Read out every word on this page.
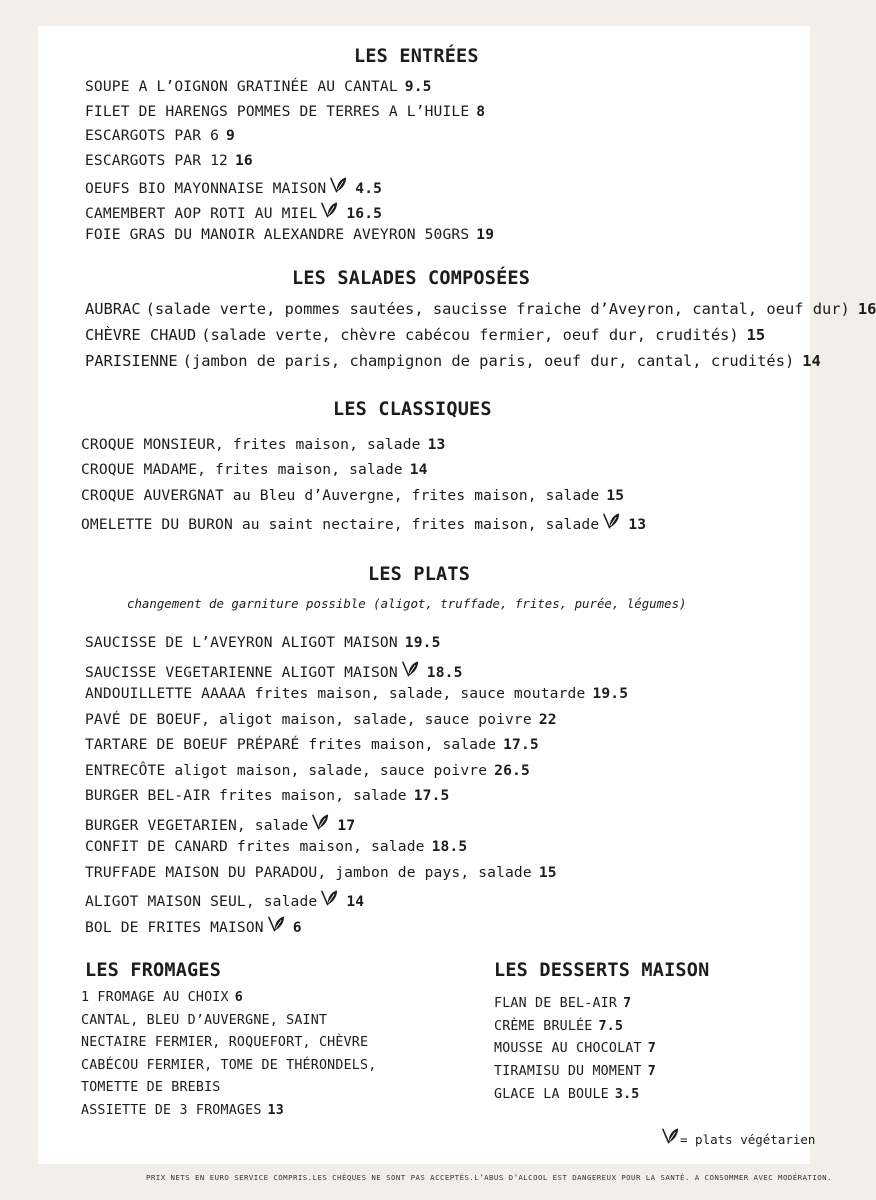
LES ENTRÉES
SOUPE A L’OIGNON GRATINÉE AU CANTAL 9.5
FILET DE HARENGS POMMES DE TERRES A L’HUILE 8
ESCARGOTS PAR 6 9
ESCARGOTS PAR 12 16
OEUFS BIO MAYONNAISE MAISON 4.5
CAMEMBERT AOP ROTI AU MIEL 16.5
FOIE GRAS DU MANOIR ALEXANDRE AVEYRON 50GRS 19
LES SALADES COMPOSÉES
AUBRAC (salade verte, pommes sautées, saucisse fraiche d’Aveyron, cantal, oeuf dur) 16
CHÈVRE CHAUD (salade verte, chèvre cabécou fermier, oeuf dur, crudités) 15
PARISIENNE (jambon de paris, champignon de paris, oeuf dur, cantal, crudités) 14
LES CLASSIQUES
CROQUE MONSIEUR, frites maison, salade 13
CROQUE MADAME, frites maison, salade 14
CROQUE AUVERGNAT au Bleu d’Auvergne, frites maison, salade 15
OMELETTE DU BURON au saint nectaire, frites maison, salade 13
LES PLATS
changement de garniture possible (aligot, truffade, frites, purée, légumes)
SAUCISSE DE L’AVEYRON ALIGOT MAISON 19.5
SAUCISSE VEGETARIENNE ALIGOT MAISON 18.5
ANDOUILLETTE AAAAA frites maison, salade, sauce moutarde 19.5
PAVÉ DE BOEUF, aligot maison, salade, sauce poivre 22
TARTARE DE BOEUF PRÉPARÉ frites maison, salade 17.5
ENTRECÔTE aligot maison, salade, sauce poivre 26.5
BURGER BEL-AIR frites maison, salade 17.5
BURGER VEGETARIEN, salade 17
CONFIT DE CANARD frites maison, salade 18.5
TRUFFADE MAISON DU PARADOU, jambon de pays, salade 15
ALIGOT MAISON SEUL, salade 14
BOL DE FRITES MAISON 6
LES FROMAGES
1 FROMAGE AU CHOIX 6
CANTAL, BLEU D’AUVERGNE, SAINT
NECTAIRE FERMIER, ROQUEFORT, CHÈVRE
CABÉCOU FERMIER, TOME DE THÉRONDELS,
TOMETTE DE BREBIS
ASSIETTE DE 3 FROMAGES 13
LES DESSERTS MAISON
FLAN DE BEL-AIR 7
CRÈME BRULÉE 7.5
MOUSSE AU CHOCOLAT 7
TIRAMISU DU MOMENT 7
GLACE LA BOULE 3.5
= plats végétarien
PRIX NETS EN EURO SERVICE COMPRIS.LES CHÈQUES NE SONT PAS ACCEPTÉS.L’ABUS D’ALCOOL EST DANGEREUX POUR LA SANTÉ. A CONSOMMER AVEC MODÉRATION.
